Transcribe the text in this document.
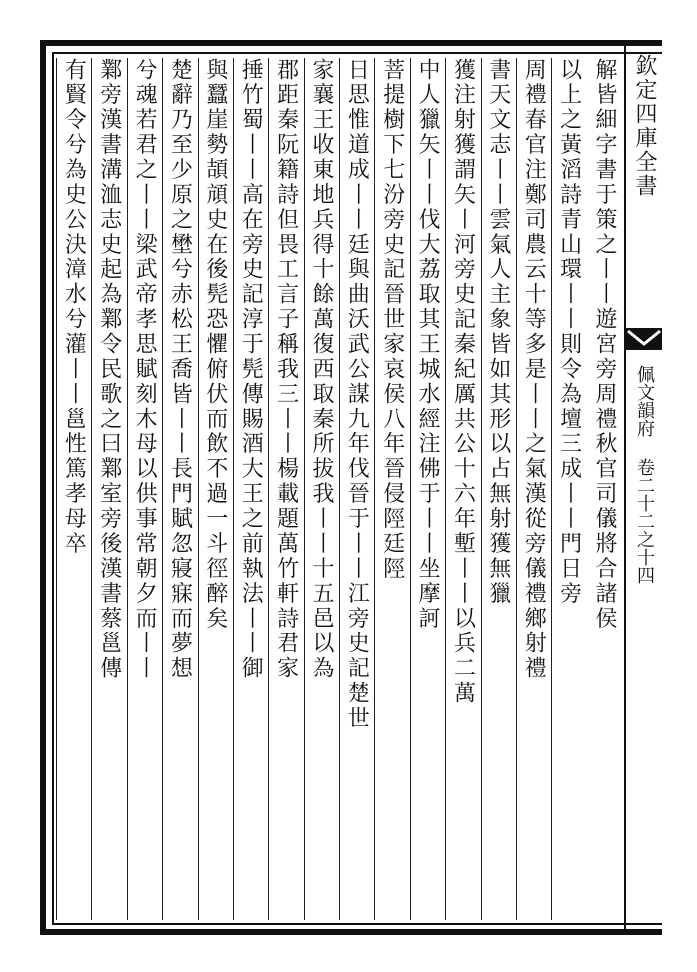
欽定四庫全書
佩文韻府 卷二十二之十四
解皆細字書于策之丨丨遊宮旁周禮秋官司儀將合諸侯
以上之黃滔詩青山環丨丨則令為壇三成丨丨門日旁
周禮春官注鄭司農云十等多是丨丨之氣漢從旁儀禮鄉射禮
書天文志丨丨雲氣人主象皆如其形以占無射獲無獵
獲注射獲謂矢丨河旁史記秦紀厲共公十六年塹丨丨以兵二萬
中人獵矢丨丨伐大荔取其王城水經注佛于丨丨坐摩訶
菩提樹下七汾旁史記晉世家哀侯八年晉侵陘廷陘
日思惟道成丨丨廷與曲沃武公謀九年伐晉于丨丨江旁史記楚世
家襄王收東地兵得十餘萬復西取秦所拔我丨丨十五邑以為
郡距秦阮籍詩但畏工言子稱我三丨丨楊載題萬竹軒詩君家
捶竹蜀丨丨高在旁史記淳于髡傳賜酒大王之前執法丨丨御
與蠶崖勢頡頏史在後髡恐懼俯伏而飲不過一斗徑醉矣
楚辭乃至少原之壄兮赤松王喬皆丨丨長門賦忽寢寐而夢想
兮魂若君之丨丨梁武帝孝思賦刻木母以供事常朝夕而丨丨
鄴旁漢書溝洫志史起為鄴令民歌之曰鄴室旁後漢書蔡邕傳
有賢令兮為史公決漳水兮灌丨丨邕性篤孝母卒
